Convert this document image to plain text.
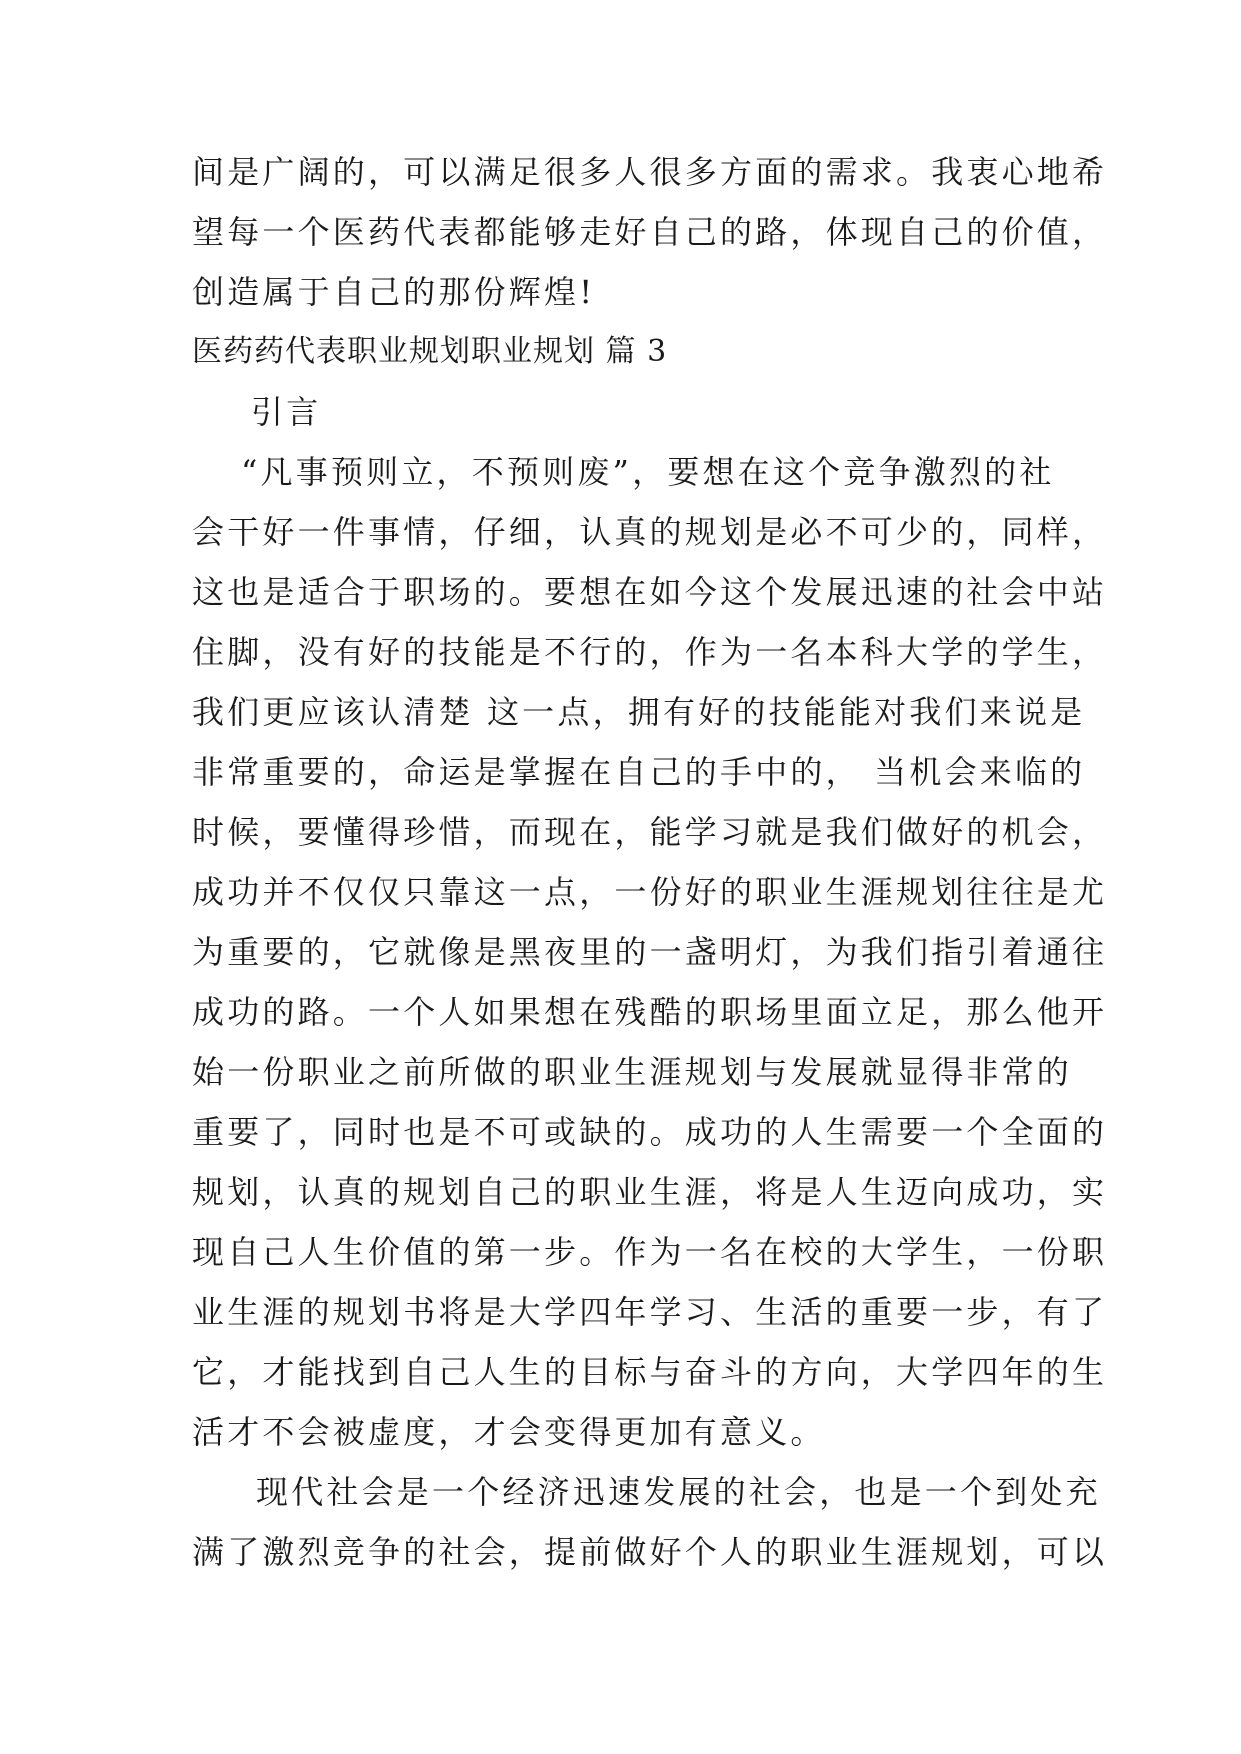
间是广阔的，可以满足很多人很多方面的需求。我衷心地希
望每一个医药代表都能够走好自己的路，体现自己的价值，
创造属于自己的那份辉煌!
医药药代表职业规划职业规划 篇 3
引言
“凡事预则立，不预则废”，要想在这个竞争激烈的社
会干好一件事情，仔细，认真的规划是必不可少的，同样，
这也是适合于职场的。要想在如今这个发展迅速的社会中站
住脚，没有好的技能是不行的，作为一名本科大学的学生，
我们更应该认清楚 这一点，拥有好的技能能对我们来说是
非常重要的，命运是掌握在自己的手中的， 当机会来临的
时候，要懂得珍惜，而现在，能学习就是我们做好的机会，
成功并不仅仅只靠这一点，一份好的职业生涯规划往往是尤
为重要的，它就像是黑夜里的一盏明灯，为我们指引着通往
成功的路。一个人如果想在残酷的职场里面立足，那么他开
始一份职业之前所做的职业生涯规划与发展就显得非常的
重要了，同时也是不可或缺的。成功的人生需要一个全面的
规划，认真的规划自己的职业生涯，将是人生迈向成功，实
现自己人生价值的第一步。作为一名在校的大学生，一份职
业生涯的规划书将是大学四年学习、生活的重要一步，有了
它，才能找到自己人生的目标与奋斗的方向，大学四年的生
活才不会被虚度，才会变得更加有意义。
现代社会是一个经济迅速发展的社会，也是一个到处充
满了激烈竞争的社会，提前做好个人的职业生涯规划，可以
